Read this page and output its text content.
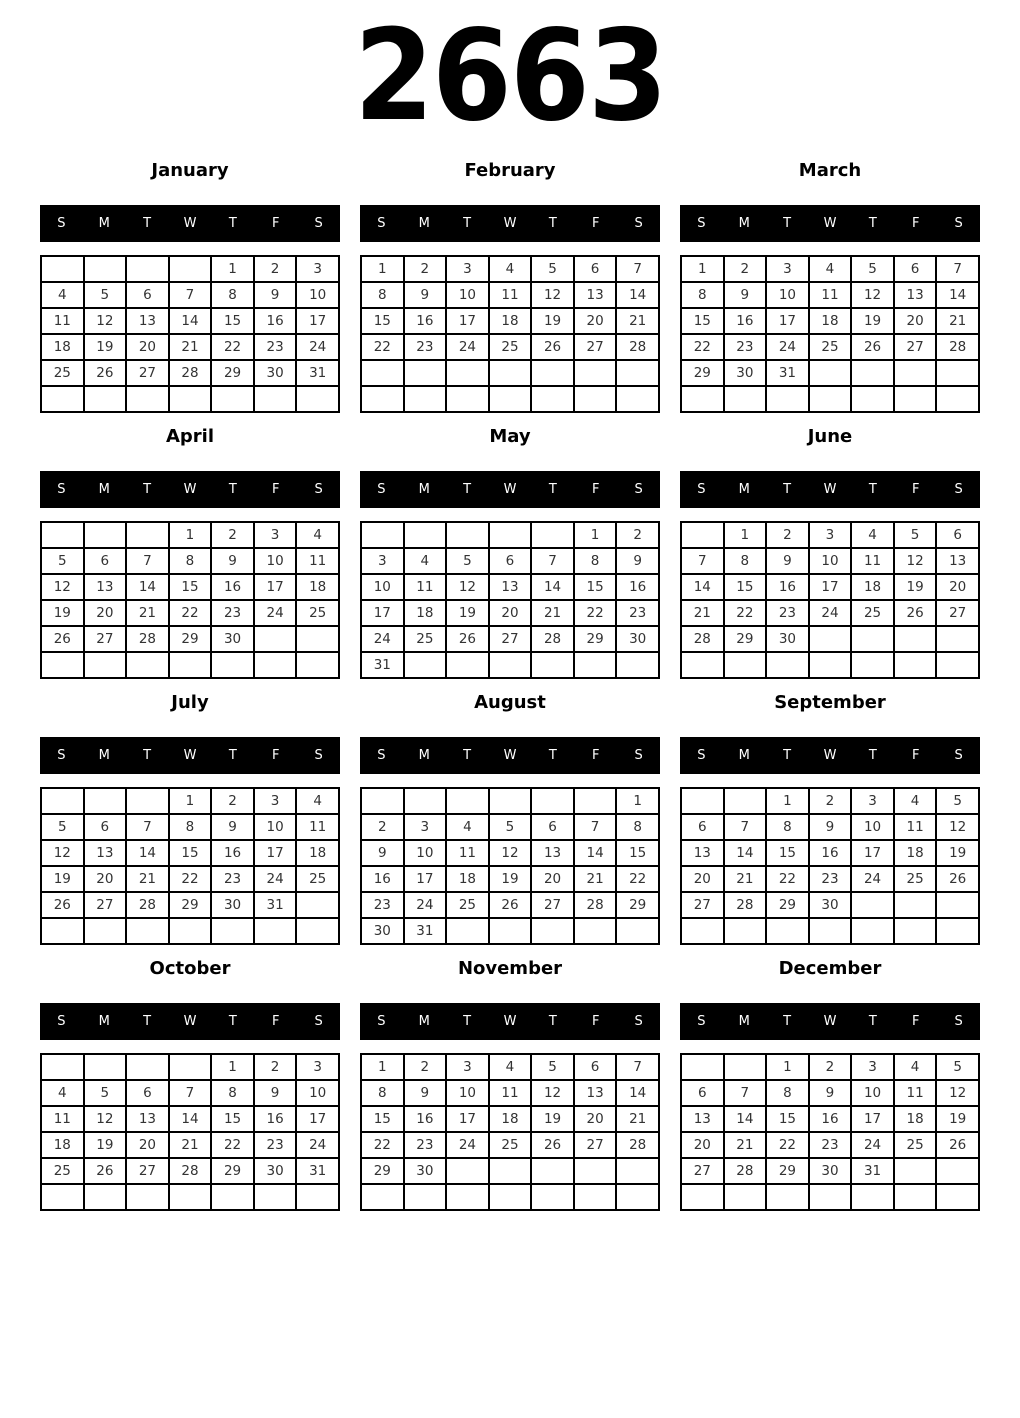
2663
January
S	M	T	W	T	F	S
				1	2	3
4	5	6	7	8	9	10
11	12	13	14	15	16	17
18	19	20	21	22	23	24
25	26	27	28	29	30	31

February
S	M	T	W	T	F	S
1	2	3	4	5	6	7
8	9	10	11	12	13	14
15	16	17	18	19	20	21
22	23	24	25	26	27	28

March
S	M	T	W	T	F	S
1	2	3	4	5	6	7
8	9	10	11	12	13	14
15	16	17	18	19	20	21
22	23	24	25	26	27	28
29	30	31				

April
S	M	T	W	T	F	S
			1	2	3	4
5	6	7	8	9	10	11
12	13	14	15	16	17	18
19	20	21	22	23	24	25
26	27	28	29	30		

May
S	M	T	W	T	F	S
					1	2
3	4	5	6	7	8	9
10	11	12	13	14	15	16
17	18	19	20	21	22	23
24	25	26	27	28	29	30
31						
June
S	M	T	W	T	F	S
	1	2	3	4	5	6
7	8	9	10	11	12	13
14	15	16	17	18	19	20
21	22	23	24	25	26	27
28	29	30				

July
S	M	T	W	T	F	S
			1	2	3	4
5	6	7	8	9	10	11
12	13	14	15	16	17	18
19	20	21	22	23	24	25
26	27	28	29	30	31	

August
S	M	T	W	T	F	S
						1
2	3	4	5	6	7	8
9	10	11	12	13	14	15
16	17	18	19	20	21	22
23	24	25	26	27	28	29
30	31					
September
S	M	T	W	T	F	S
		1	2	3	4	5
6	7	8	9	10	11	12
13	14	15	16	17	18	19
20	21	22	23	24	25	26
27	28	29	30			

October
S	M	T	W	T	F	S
				1	2	3
4	5	6	7	8	9	10
11	12	13	14	15	16	17
18	19	20	21	22	23	24
25	26	27	28	29	30	31

November
S	M	T	W	T	F	S
1	2	3	4	5	6	7
8	9	10	11	12	13	14
15	16	17	18	19	20	21
22	23	24	25	26	27	28
29	30					

December
S	M	T	W	T	F	S
		1	2	3	4	5
6	7	8	9	10	11	12
13	14	15	16	17	18	19
20	21	22	23	24	25	26
27	28	29	30	31		
